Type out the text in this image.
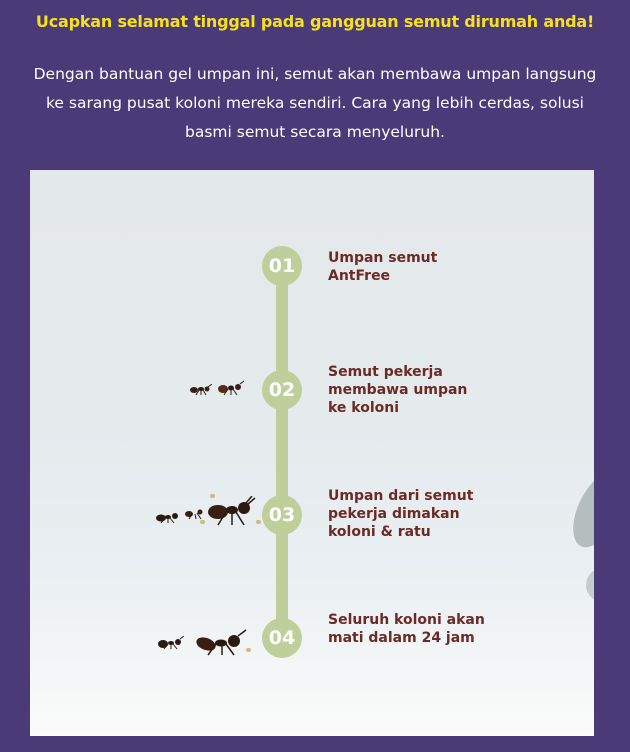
Ucapkan selamat tinggal pada gangguan semut dirumah anda!
Dengan bantuan gel umpan ini, semut akan membawa umpan langsung ke sarang pusat koloni mereka sendiri. Cara yang lebih cerdas, solusi basmi semut secara menyeluruh.
01	Umpan semut AntFree
02
Semut pekerja membawa umpan ke koloni
03
Umpan dari semut pekerja dimakan koloni & ratu
04
Seluruh koloni akan mati dalam 24 jam
